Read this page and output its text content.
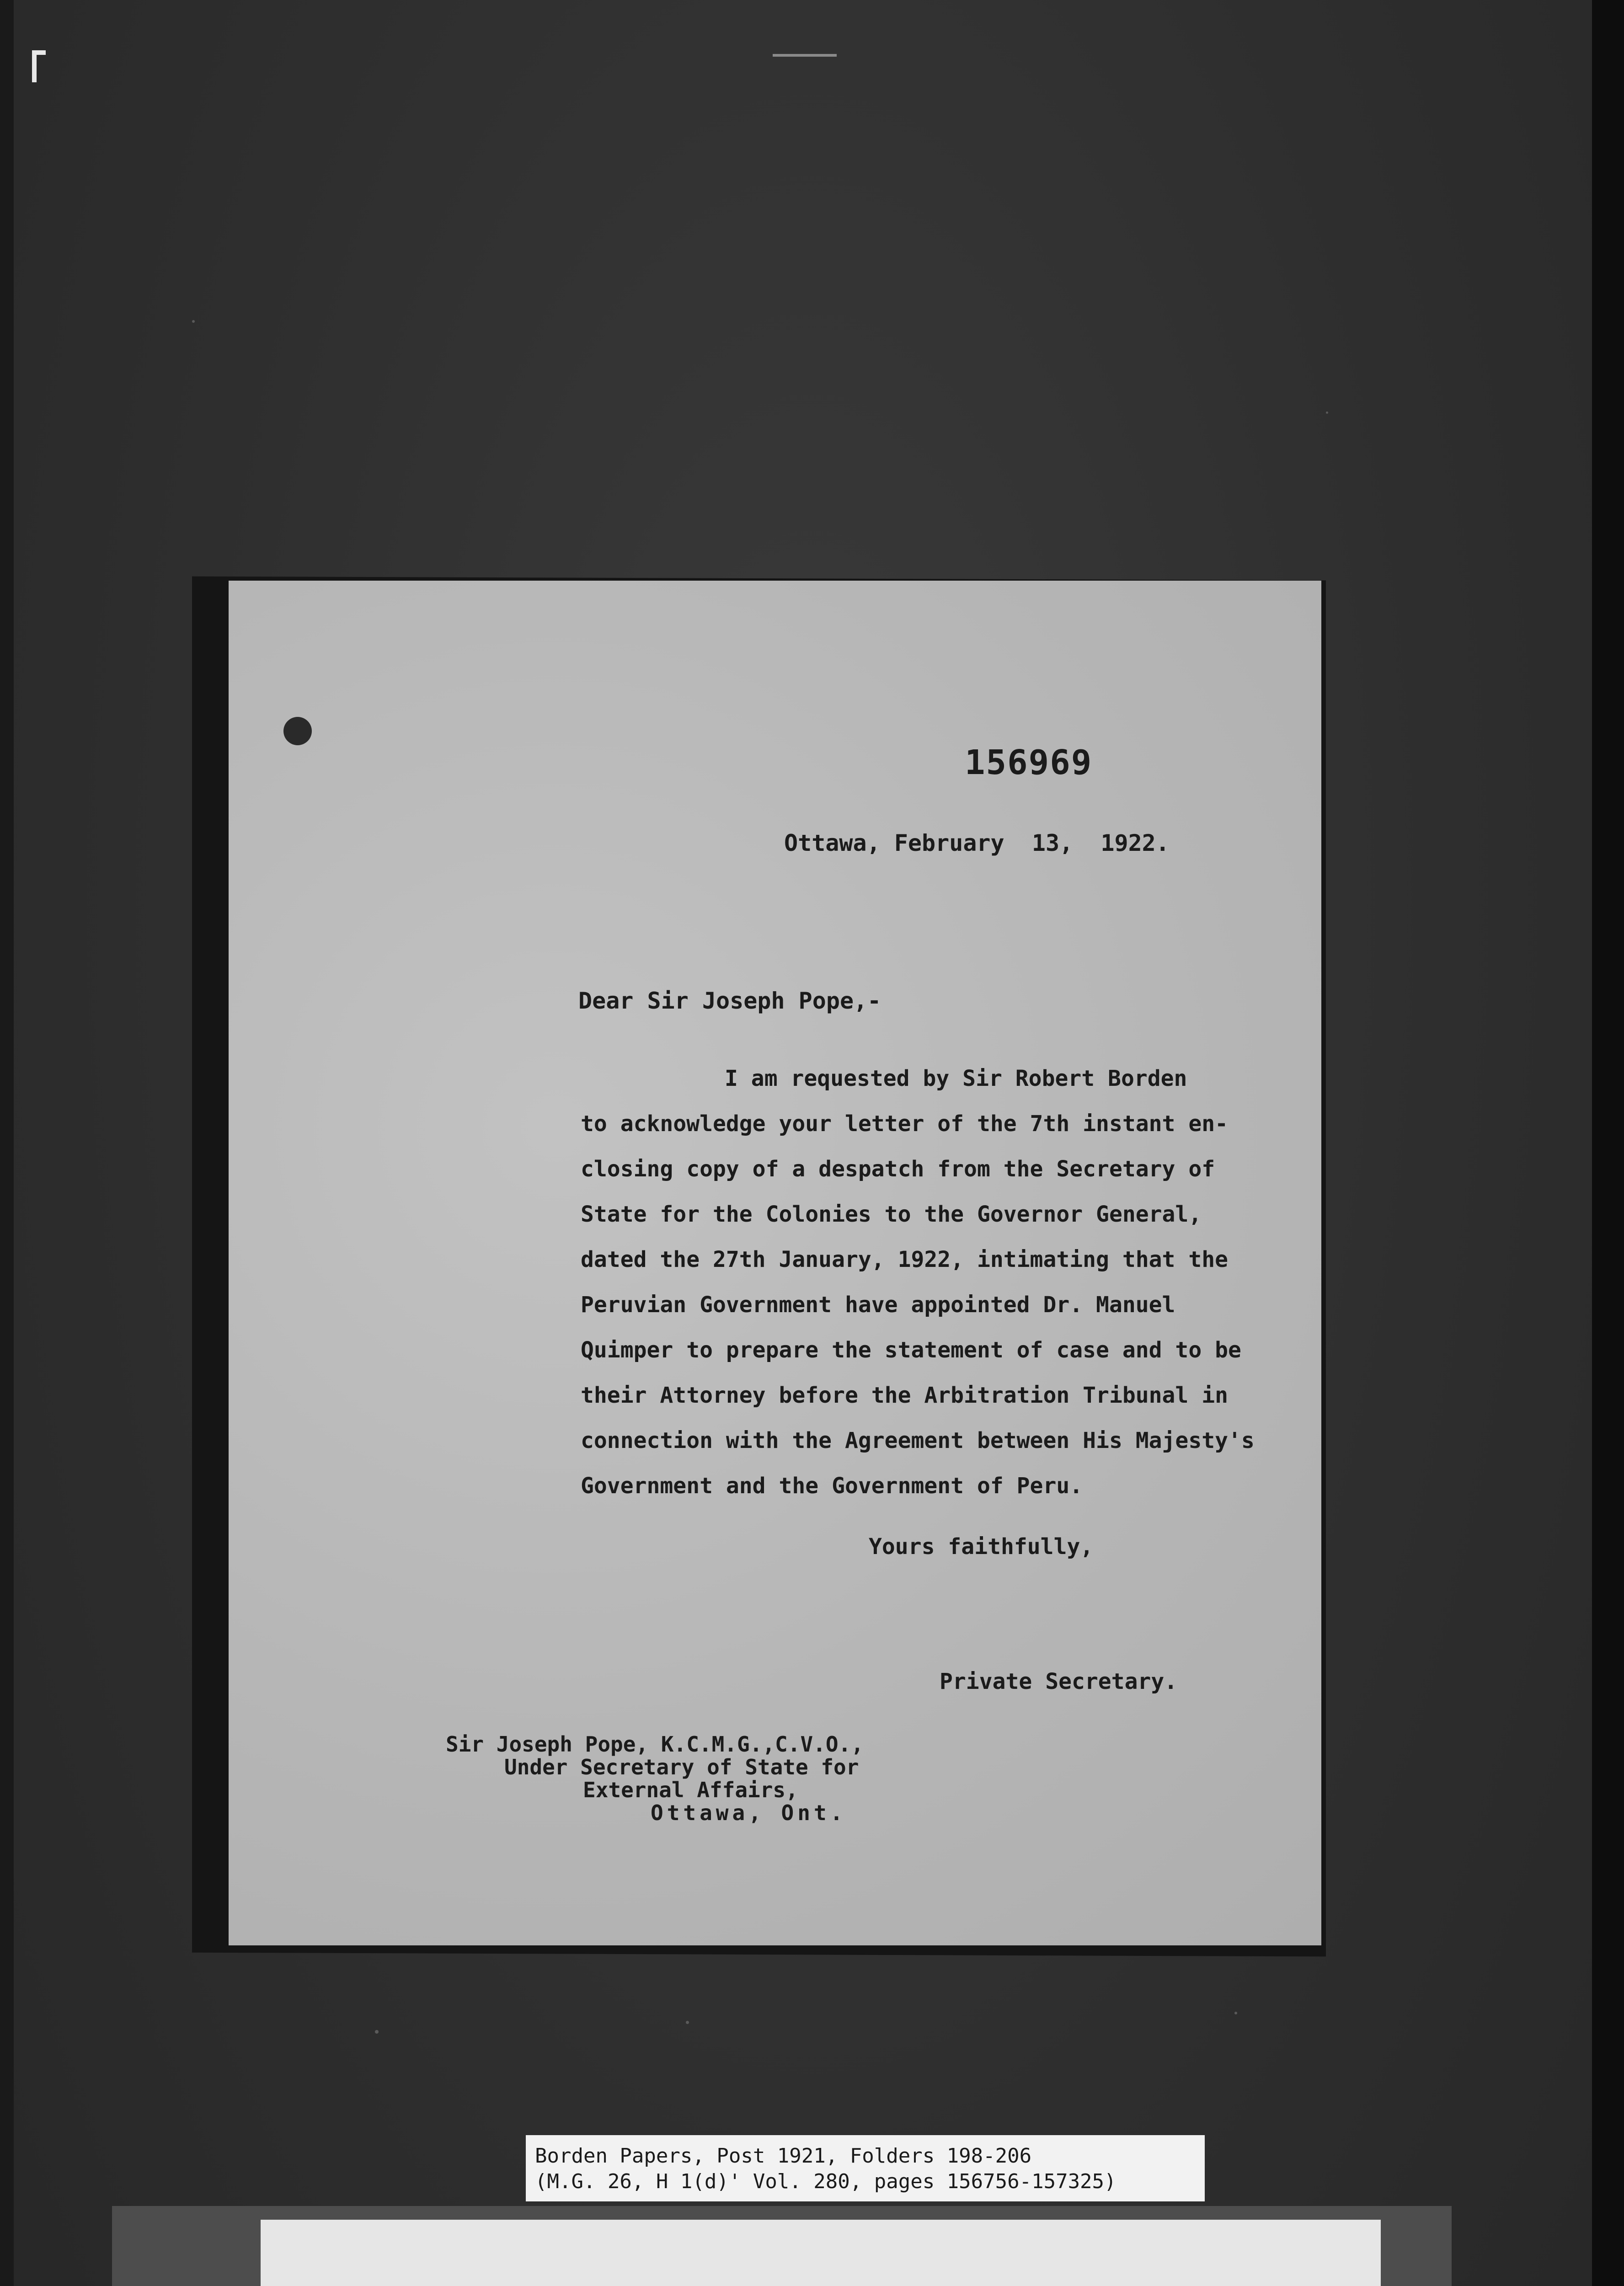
156969
Ottawa, February  13,  1922.
Dear Sir Joseph Pope,-
I am requested by Sir Robert Borden
to acknowledge your letter of the 7th instant en-
closing copy of a despatch from the Secretary of
State for the Colonies to the Governor General,
dated the 27th January, 1922, intimating that the
Peruvian Government have appointed Dr. Manuel
Quimper to prepare the statement of case and to be
their Attorney before the Arbitration Tribunal in
connection with the Agreement between His Majesty's
Government and the Government of Peru.
Yours faithfully,
Private Secretary.
Sir Joseph Pope, K.C.M.G.,C.V.O.,
Under Secretary of State for
External Affairs,
Ottawa, Ont.
Borden Papers, Post 1921, Folders 198-206
(M.G. 26, H 1(d)' Vol. 280, pages 156756-157325)
